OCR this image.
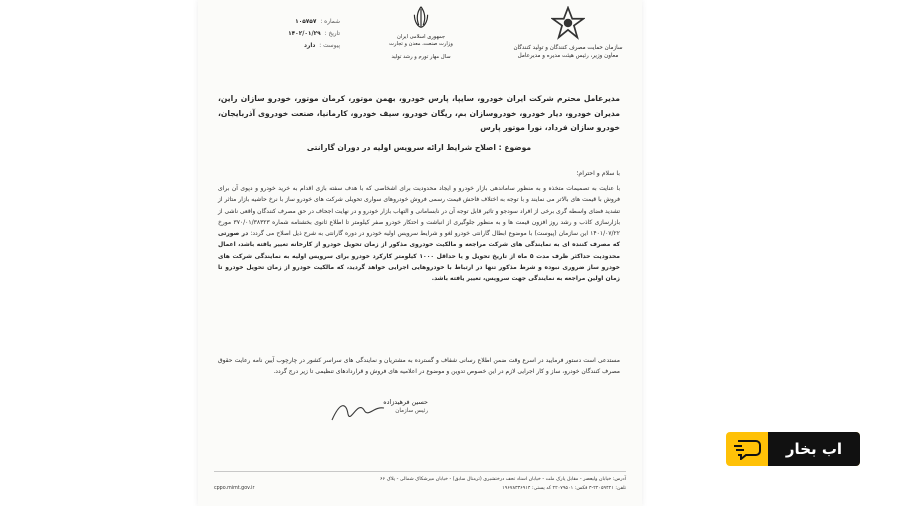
سازمان حمایت مصرف کنندگان و تولید کنندگان
معاون وزیر، رئیس هیئت مدیره و مدیرعامل
جمهوری اسلامی ایران
وزارت صنعت، معدن و تجارت
سال مهار تورم و رشد تولید
شماره :
۱۰۵۷۵۷
تاریخ :
۱۴۰۲/۰۱/۲۹
پیوست :
دارد
مدیرعامل محترم شرکت ایران خودرو، سایپا، پارس خودرو، بهمن موتور، کرمان موتور، خودرو سازان راین، مدیران خودرو، دیار خودرو، خودروسازان بم، ریگان خودرو، سیف خودرو، کارمانیا، صنعت خودروی آذربایجان، خودرو سازان فرداد، نورا موتور پارس
موضوع : اصلاح شرایط ارائه سرویس اولیه در دوران گارانتی
با سلام و احترام؛
با عنایت به تصمیمات متخذه و به منظور ساماندهی بازار خودرو و ایجاد محدودیت برای اشخاصی که با هدف سفته بازی اقدام به خرید خودرو و دپوی آن برای فروش با قیمت های بالاتر می نمایند و با توجه به اختلاف فاحش قیمت رسمی فروش خودروهای سواری تحویلی شرکت های خودرو ساز با نرخ حاشیه بازار متاثر از تشدید فضای واسطه گری برخی از افراد سودجو و تاثیر قابل توجه آن در نابسامانی و التهاب بازار خودرو و در نهایت اجحاف در حق مصرف کنندگان واقعی ناشی از بازارسازی کاذب و رشد روز افزون قیمت ها و به منظور جلوگیری از انباشت و احتکار خودرو صفر کیلومتر تا اطلاع ثانوی بخشنامه شماره ۳۷۰/۰۱/۳۸۳۲۳ مورخ ۱۴۰۱/۰۷/۲۲ این سازمان (پیوست) با موضوع ابطال گارانتی خودرو لغو و شرایط سرویس اولیه خودرو در دوره گارانتی به شرح ذیل اصلاح می گردد: در صورتی که مصرف کننده ای به نمایندگی های شرکت مراجعه و مالکیت خودروی مذکور از زمان تحویل خودرو از کارخانه تغییر یافته باشد، اعمال محدودیت حداکثر ظرف مدت ۵ ماه از تاریخ تحویل و یا حداقل ۱۰۰۰ کیلومتر کارکرد خودرو برای سرویس اولیه به نمایندگی شرکت های خودرو ساز ضروری نبوده و شرط مذکور تنها در ارتباط با خودروهایی اجرایی خواهد گردید، که مالکیت خودرو از زمان تحویل خودرو تا زمان اولین مراجعه به نمایندگی جهت سرویس، تغییر یافته باشد.
مستدعی است دستور فرمایید در اسرع وقت ضمن اطلاع رسانی شفاف و گسترده به مشتریان و نمایندگی های سراسر کشور در چارچوب آیین نامه رعایت حقوق مصرف کنندگان خودرو، ساز و کار اجرایی لازم در این خصوص تدوین و موضوع در اعلامیه های فروش و قراردادهای تنظیمی تا زیر درج گردد.
حسین فرهیدزاده
رئیس سازمان
آدرس: خیابان ولیعصر - مقابل پارک ملت - خیابان اسناد تحف درختشیری (ترمنال سابق) - خیابان میرشکاک شمالی - پلاک ۶۶
تلفن: ۲۲۰۵۹۴۲۱-۳ فکس: ۲۲۰۷۹۵۰۱ کد پستی: ۱۹۶۷۸۳۳۶۹۱۴
cppo.mimt.gov.ir
اب بخار
